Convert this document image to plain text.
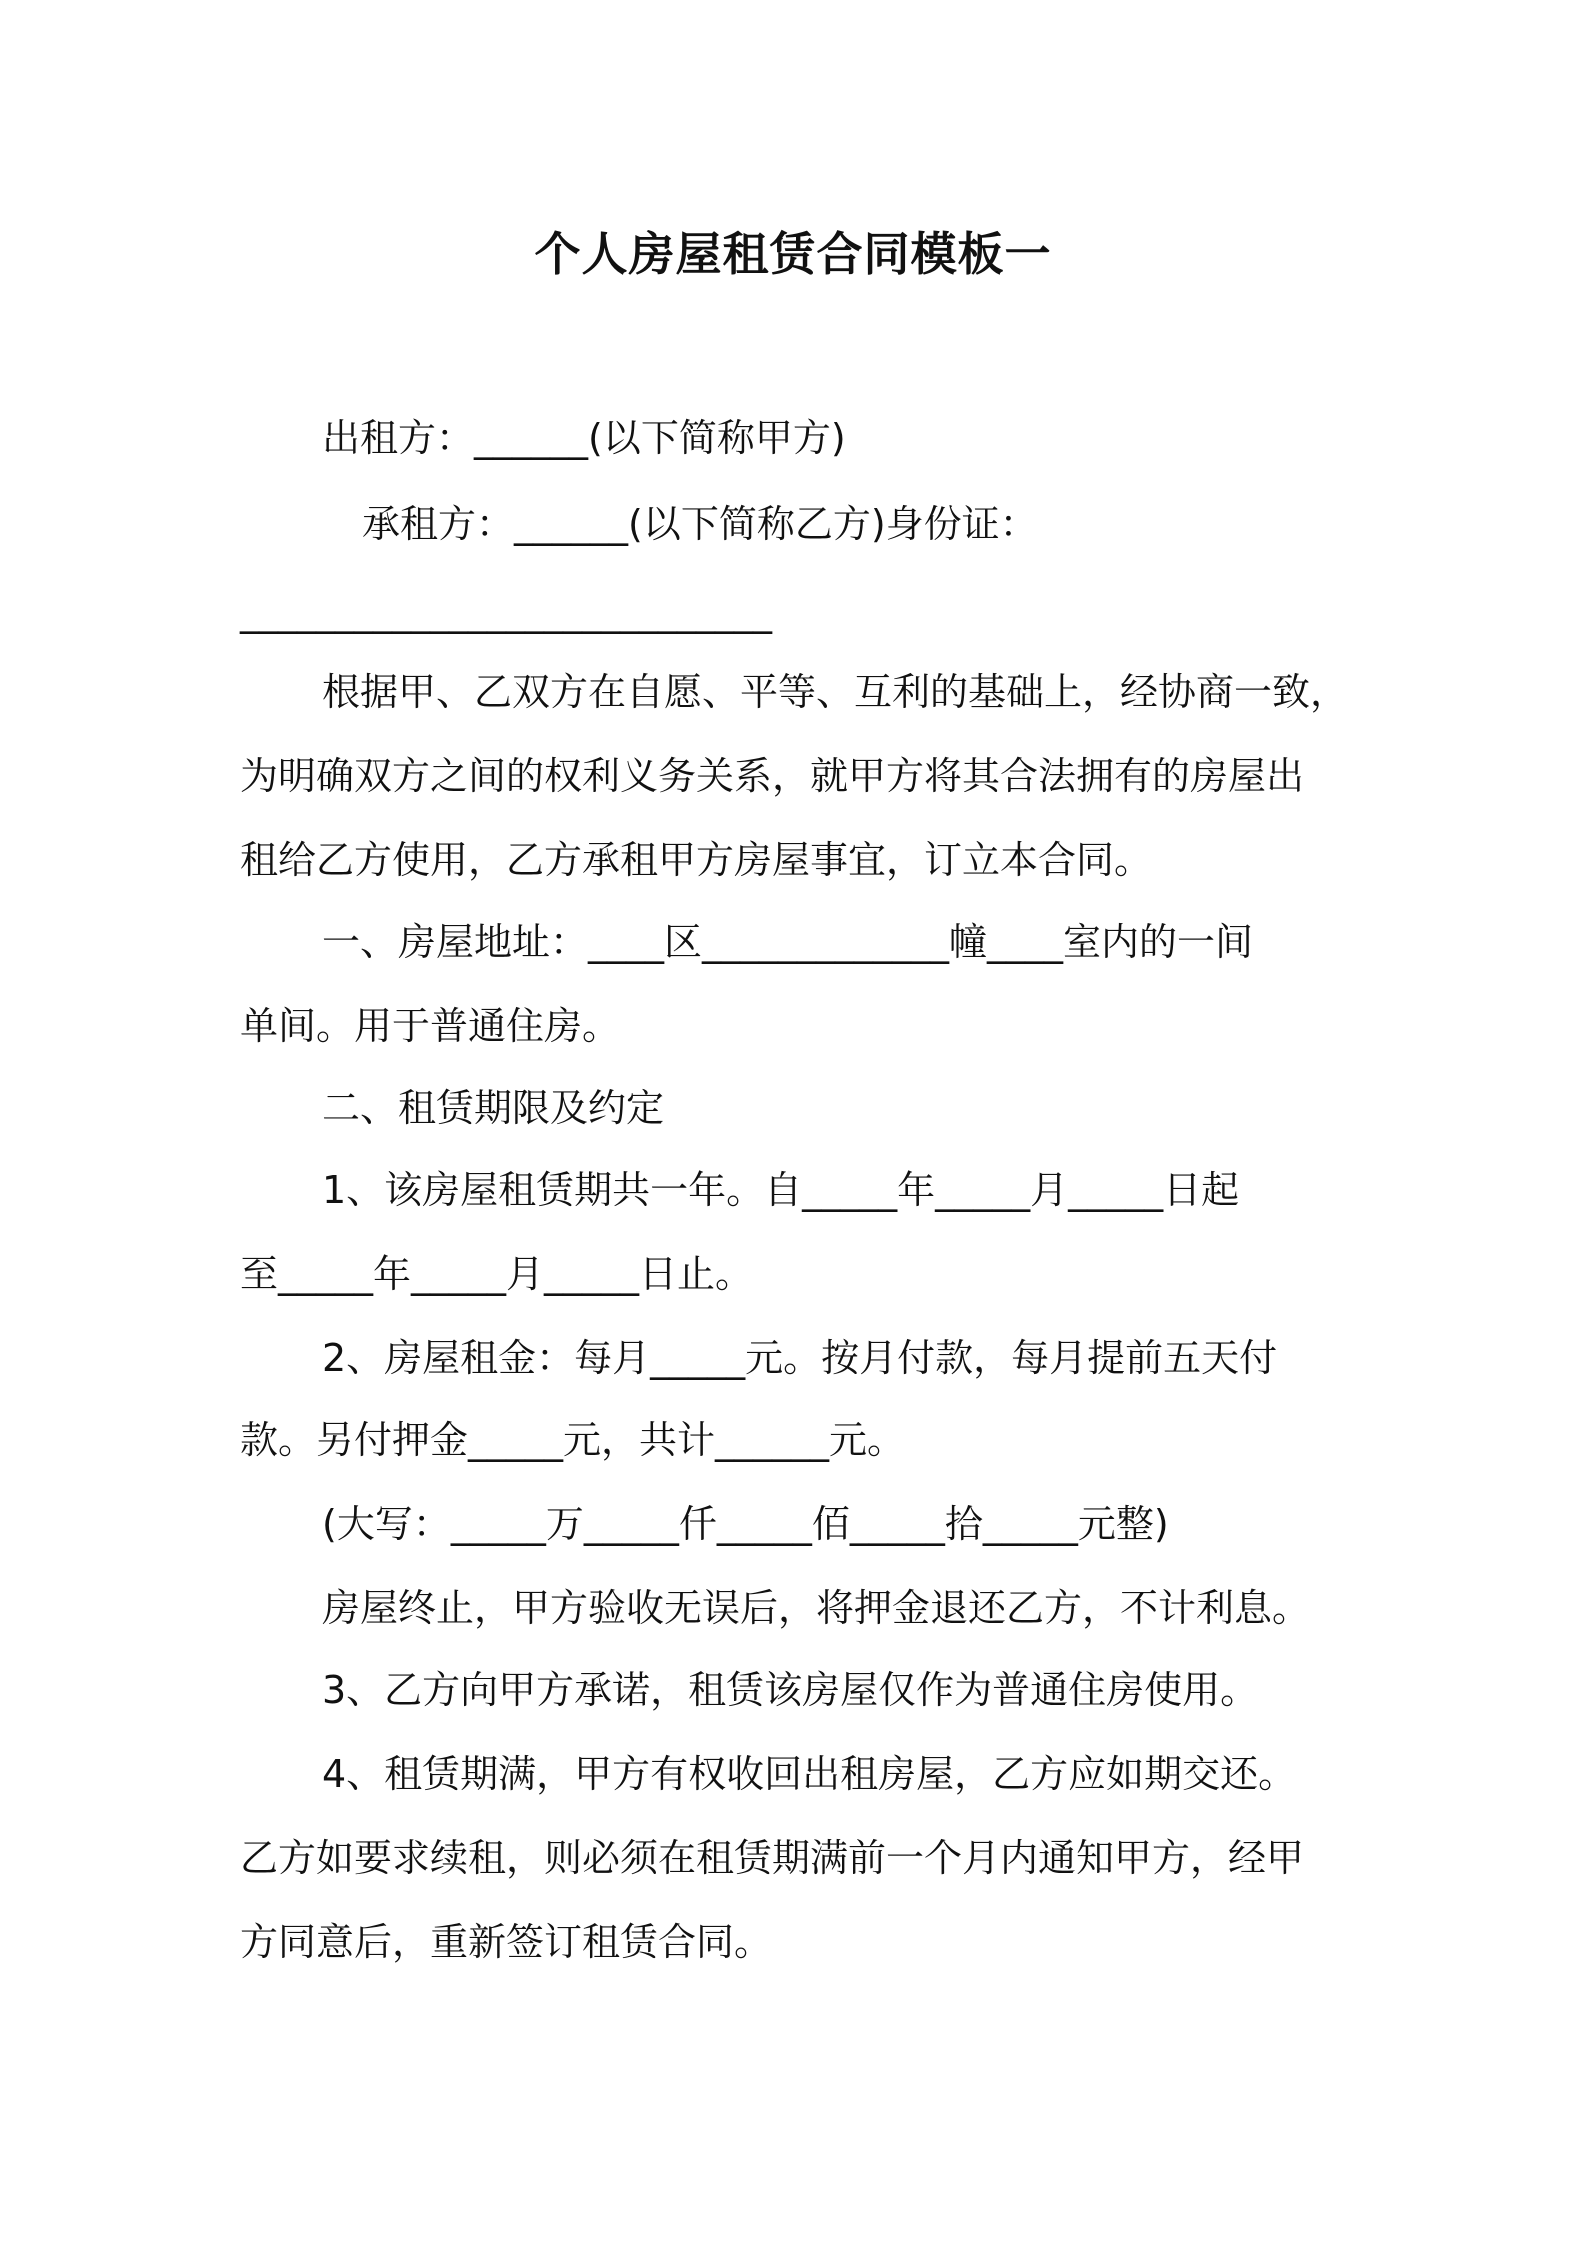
个人房屋租赁合同模板一
出租方：______(以下简称甲方)
承租方：______(以下简称乙方)身份证：
____________________________
根据甲、乙双方在自愿、平等、互利的基础上，经协商一致，
为明确双方之间的权利义务关系，就甲方将其合法拥有的房屋出
租给乙方使用，乙方承租甲方房屋事宜，订立本合同。
一、房屋地址：____区_____________幢____室内的一间
单间。用于普通住房。
二、租赁期限及约定
1、该房屋租赁期共一年。自_____年_____月_____日起
至_____年_____月_____日止。
2、房屋租金：每月_____元。按月付款，每月提前五天付
款。另付押金_____元，共计______元。
(大写：_____万_____仟_____佰_____拾_____元整)
房屋终止，甲方验收无误后，将押金退还乙方，不计利息。
3、乙方向甲方承诺，租赁该房屋仅作为普通住房使用。
4、租赁期满，甲方有权收回出租房屋，乙方应如期交还。
乙方如要求续租，则必须在租赁期满前一个月内通知甲方，经甲
方同意后，重新签订租赁合同。
